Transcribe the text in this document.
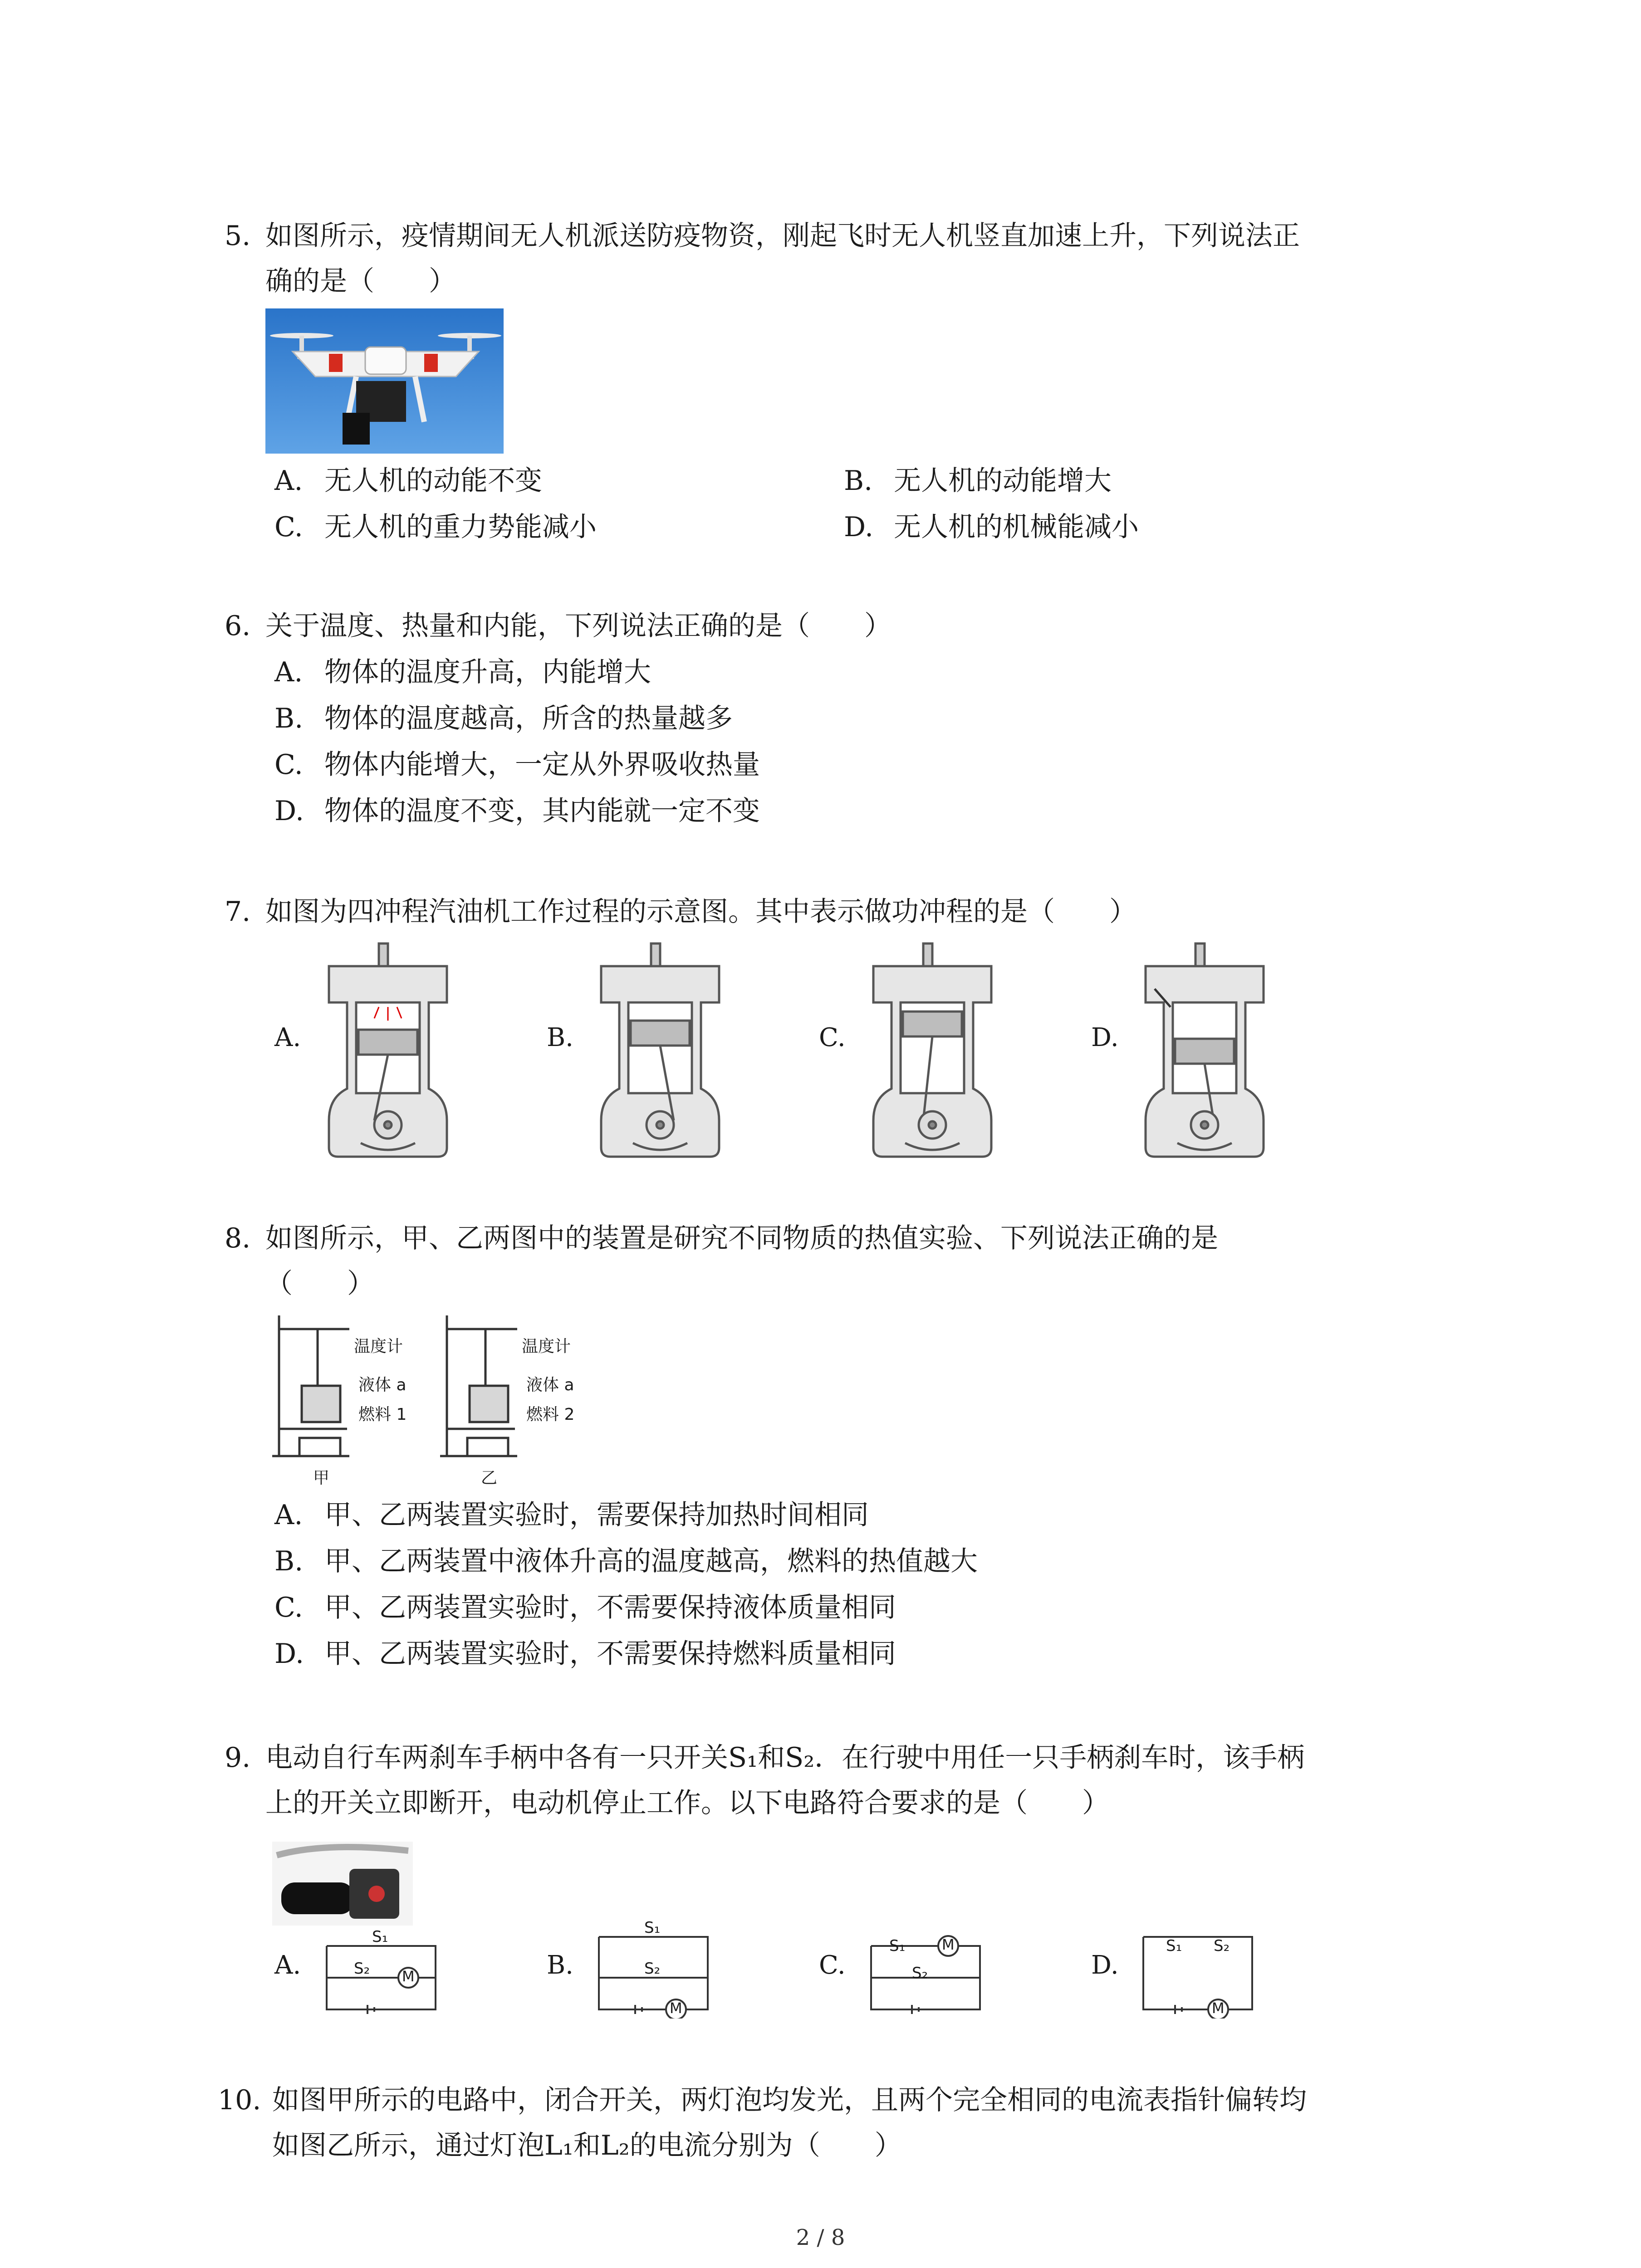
5. 如图所示，疫情期间无人机派送防疫物资，刚起飞时无人机竖直加速上升，下列说法正
确的是（　　）
A. 无人机的动能不变	B. 无人机的动能增大
C. 无人机的重力势能减小	D. 无人机的机械能减小
6. 关于温度、热量和内能，下列说法正确的是（　　）
A. 物体的温度升高，内能增大
B. 物体的温度越高，所含的热量越多
C. 物体内能增大，一定从外界吸收热量
D. 物体的温度不变，其内能就一定不变
7. 如图为四冲程汽油机工作过程的示意图。其中表示做功冲程的是（　　）
A.	B.	C.	D.
8. 如图所示，甲、乙两图中的装置是研究不同物质的热值实验、下列说法正确的是
（　　）
温度计
液体 a
燃料 1
甲
温度计
液体 a
燃料 2
乙
A. 甲、乙两装置实验时，需要保持加热时间相同
B. 甲、乙两装置中液体升高的温度越高，燃料的热值越大
C. 甲、乙两装置实验时，不需要保持液体质量相同
D. 甲、乙两装置实验时，不需要保持燃料质量相同
9. 电动自行车两刹车手柄中各有一只开关S₁和S₂．在行驶中用任一只手柄刹车时，该手柄
上的开关立即断开，电动机停止工作。以下电路符合要求的是（　　）
A.	B.	C.	D.
S₁
S₂ M
S₁
S₂
M
S₁
S₂
M	S₁ S₂
M
10. 如图甲所示的电路中，闭合开关，两灯泡均发光，且两个完全相同的电流表指针偏转均
如图乙所示，通过灯泡L₁和L₂的电流分别为（　　）
2 / 8
